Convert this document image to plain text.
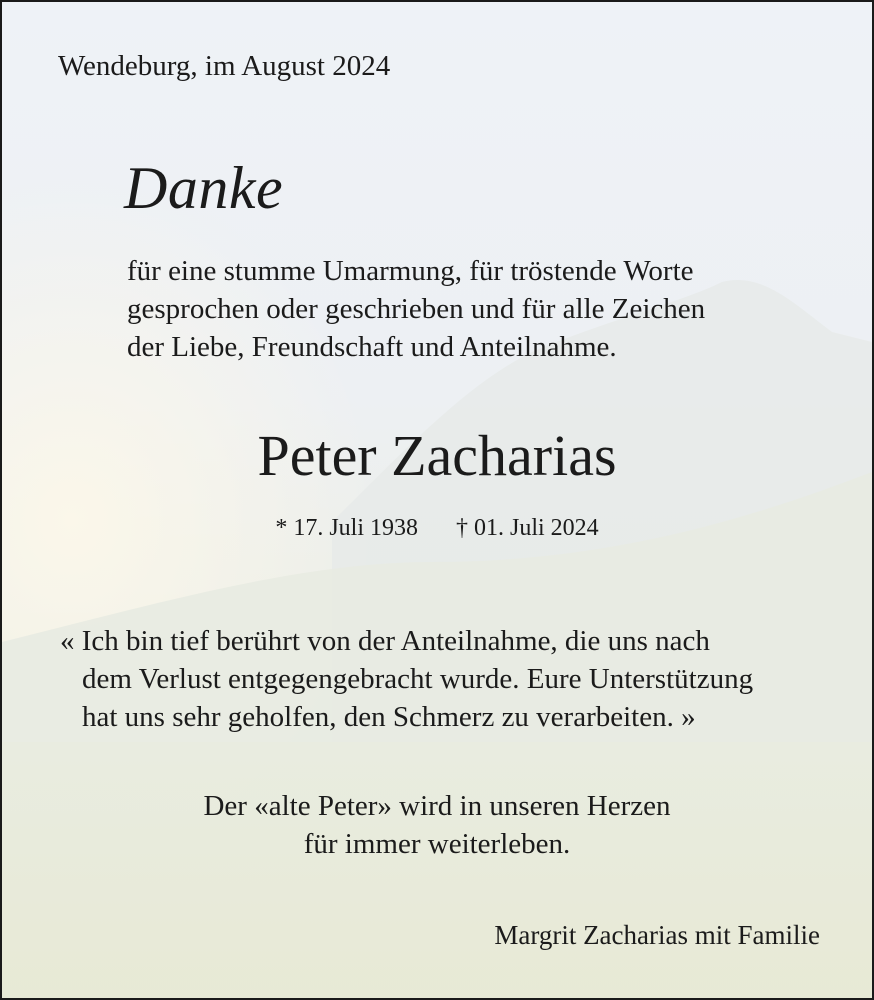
Wendeburg, im August 2024
Danke
für eine stumme Umarmung, für tröstende Worte
gesprochen oder geschrieben und für alle Zeichen
der Liebe, Freundschaft und Anteilnahme.
Peter Zacharias
* 17. Juli 1938 † 01. Juli 2024
« Ich bin tief berührt von der Anteilnahme, die uns nach
dem Verlust entgegengebracht wurde. Eure Unterstützung
hat uns sehr geholfen, den Schmerz zu verarbeiten. »
Der «alte Peter» wird in unseren Herzen
für immer weiterleben.
Margrit Zacharias mit Familie
